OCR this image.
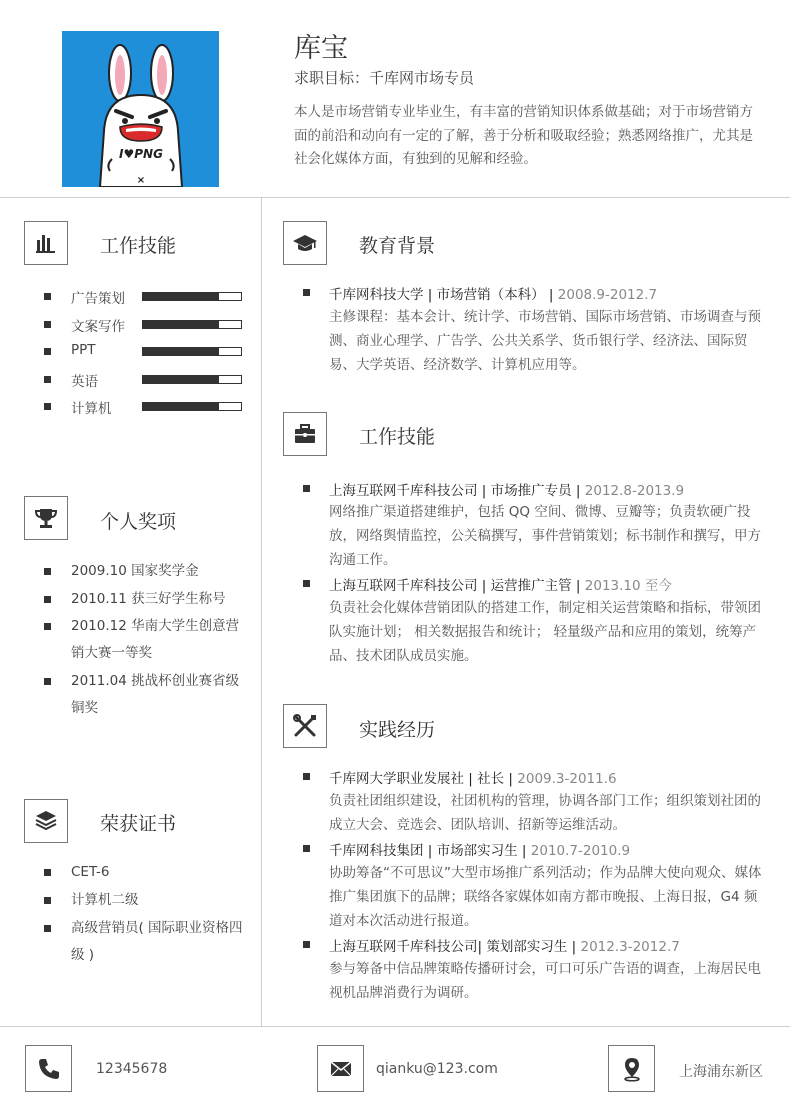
I♥PNG
×
库宝
求职目标：千库网市场专员
本人是市场营销专业毕业生，有丰富的营销知识体系做基础；对于市场营销方面的前沿和动向有一定的了解，善于分析和吸取经验；熟悉网络推广，尤其是社会化媒体方面，有独到的见解和经验。
工作技能
广告策划
文案写作
PPT
英语
计算机
个人奖项
2009.10 国家奖学金
2010.11 获三好学生称号
2010.12 华南大学生创意营销大赛一等奖
2011.04 挑战杯创业赛省级铜奖
荣获证书
CET-6
计算机二级
高级营销员( 国际职业资格四级 )
教育背景
千库网科技大学 | 市场营销（本科） | 2008.9-2012.7
主修课程：基本会计、统计学、市场营销、国际市场营销、市场调查与预测、商业心理学、广告学、公共关系学、货币银行学、经济法、国际贸易、大学英语、经济数学、计算机应用等。
工作技能
上海互联网千库科技公司 | 市场推广专员 | 2012.8-2013.9
网络推广渠道搭建维护，包括 QQ 空间、微博、豆瓣等；负责软硬广投放，网络舆情监控，公关稿撰写，事件营销策划；标书制作和撰写，甲方沟通工作。
上海互联网千库科技公司 | 运营推广主管 | 2013.10 至今
负责社会化媒体营销团队的搭建工作，制定相关运营策略和指标，带领团队实施计划； 相关数据报告和统计； 轻量级产品和应用的策划，统筹产品、技术团队成员实施。
实践经历
千库网大学职业发展社 | 社长 | 2009.3-2011.6
负责社团组织建设，社团机构的管理，协调各部门工作；组织策划社团的成立大会、竞选会、团队培训、招新等运维活动。
千库网科技集团 | 市场部实习生 | 2010.7-2010.9
协助筹备“不可思议”大型市场推广系列活动；作为品牌大使向观众、媒体推广集团旗下的品牌；联络各家媒体如南方都市晚报、上海日报，G4 频道对本次活动进行报道。
上海互联网千库科技公司| 策划部实习生 | 2012.3-2012.7
参与筹备中信品牌策略传播研讨会，可口可乐广告语的调查，上海居民电视机品牌消费行为调研。
12345678	qianku@123.com	上海浦东新区
